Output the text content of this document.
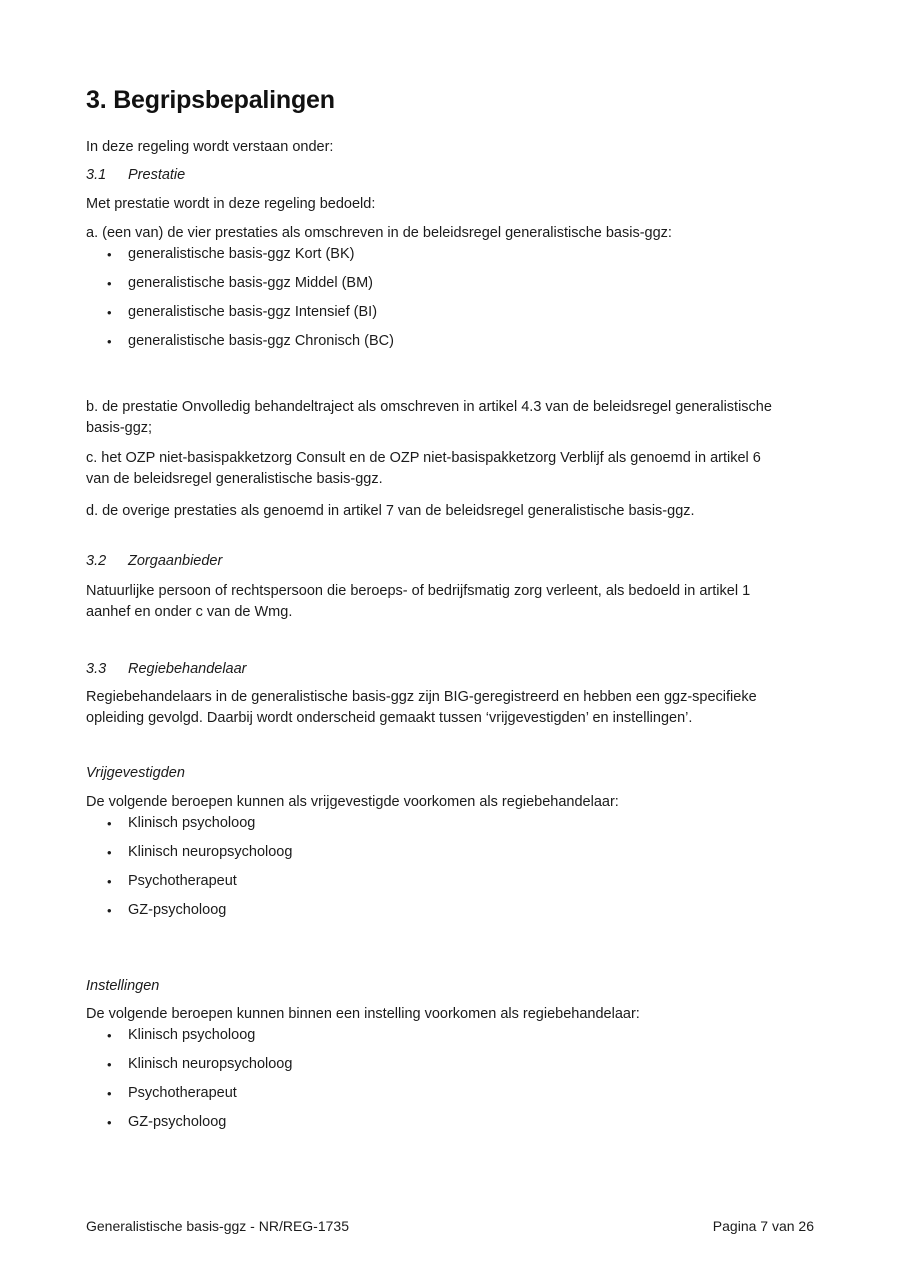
3. Begripsbepalingen

In deze regeling wordt verstaan onder:

3.1 Prestatie

Met prestatie wordt in deze regeling bedoeld:

a. (een van) de vier prestaties als omschreven in de beleidsregel generalistische basis-ggz:

• generalistische basis-ggz Kort (BK)
• generalistische basis-ggz Middel (BM)
• generalistische basis-ggz Intensief (BI)
• generalistische basis-ggz Chronisch (BC)

b. de prestatie Onvolledig behandeltraject als omschreven in artikel 4.3 van de beleidsregel generalistische
basis-ggz;

c. het OZP niet-basispakketzorg Consult en de OZP niet-basispakketzorg Verblijf als genoemd in artikel 6
van de beleidsregel generalistische basis-ggz.

d. de overige prestaties als genoemd in artikel 7 van de beleidsregel generalistische basis-ggz.

3.2 Zorgaanbieder

Natuurlijke persoon of rechtspersoon die beroeps- of bedrijfsmatig zorg verleent, als bedoeld in artikel 1
aanhef en onder c van de Wmg.

3.3 Regiebehandelaar

Regiebehandelaars in de generalistische basis-ggz zijn BIG-geregistreerd en hebben een ggz-specifieke
opleiding gevolgd. Daarbij wordt onderscheid gemaakt tussen ‘vrijgevestigden’ en instellingen’.

Vrijgevestigden

De volgende beroepen kunnen als vrijgevestigde voorkomen als regiebehandelaar:

• Klinisch psycholoog
• Klinisch neuropsycholoog
• Psychotherapeut
• GZ-psycholoog
Instellingen

De volgende beroepen kunnen binnen een instelling voorkomen als regiebehandelaar:

• Klinisch psycholoog
• Klinisch neuropsycholoog
• Psychotherapeut
• GZ-psycholoog
Generalistische basis-ggz - NR/REG-1735	Pagina 7 van 26
